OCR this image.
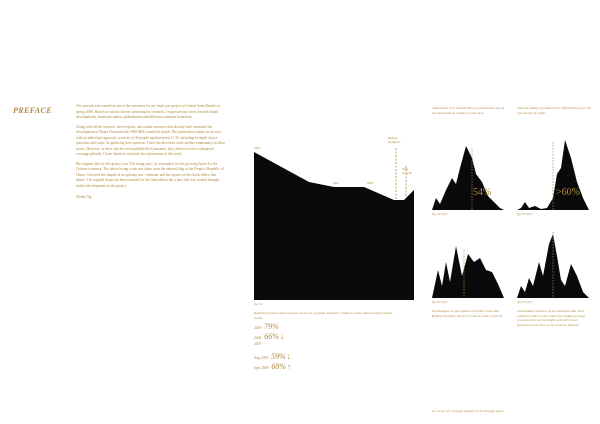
PREFACE	The artwork was created as one of the outcomes for my final year project at Central Saint Martins in spring 2009. Based on various factors stemming my research, I expressed my views towards brand developments, brand perception, globalisation and different consumer behaviour.

Along with all the research, news-reports, and online resources that already have examined the development of Brand China and the 2008 Milk scandal in-depth. This publication stands on its own, with an individual approach, a survey of 36 people aged between 21-35, including in-depth choice questions and scope for gathering their opinions. There has also been some media commentary on these issues. However, as these articles were published in Cantonese, they did not receive widespread coverage globally. I have therefore included this information in this work.

My original title for this project was 'The rising stars', as a metaphor for the growing future for the Chinese economy. The idea of using a star was taken from the national flag of the People's Republic of China. I lowered the shaped of an uprising star - elements and the layouts of this book follow this theme. The original shape has been retained for the final edition but a new title was created through further development on the project.

Wendy Ng
2006
2007	2008
Beijing Olympics
Milk Scandal
fig. 01
Reflections from research proper as the no. of people believed a 'made in china' label actually had the brand
2005 - 79%
2006 - 66% ↓
2007 - -
Aug 2008 - 59% ↓
Sept 2008 - 68% ↑
rated above 5 on 'brand China' would become one of the top brands in couples of year time.
regional quality of products are reflected on prices but not country of origin.
54%
fig. 02 Q12
>60%
fig. 03 Q13
fig. 02 Q14	fig. 05 Q15
Psychologies on perceptions of brand China after Beijing Olympics; there's no rate on scale 9 and 10.
Unavoidable opinions on the statement that 'poor qualities control to the result of a rapidly growing economy, they are inevitable and will correct themselves over time as the economy matures'.
In a scale of 1 strongly disagree to 10 strongly agree
